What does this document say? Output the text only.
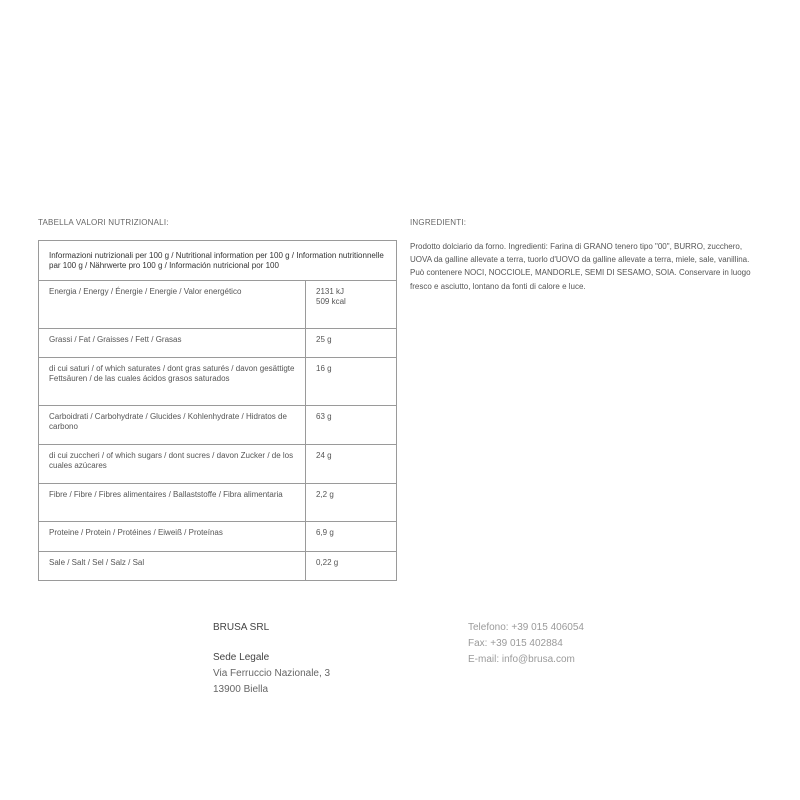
TABELLA VALORI NUTRIZIONALI:	INGREDIENTI:
Informazioni nutrizionali per 100 g / Nutritional information per 100 g / Information nutritionnelle par 100 g / Nährwerte pro 100 g / Información nutricional por 100	
Energia / Energy / Énergie / Energie / Valor energético	2131 kJ
509 kcal

Grassi / Fat / Graisses / Fett / Grasas	25 g
di cui saturi / of which saturates / dont gras saturés / davon gesättigte Fettsäuren / de las cuales ácidos grasos saturados	16 g
Carboidrati / Carbohydrate / Glucides / Kohlenhydrate / Hidratos de carbono	63 g
di cui zuccheri / of which sugars / dont sucres / davon Zucker / de los cuales azúcares	24 g
Fibre / Fibre / Fibres alimentaires / Ballaststoffe / Fibra alimentaria	2,2 g
Proteine / Protein / Protéines / Eiweiß / Proteínas	6,9 g
Sale / Salt / Sel / Salz / Sal	0,22 g
Prodotto dolciario da forno. Ingredienti: Farina di GRANO tenero tipo "00", BURRO, zucchero, UOVA da galline allevate a terra, tuorlo d'UOVO da galline allevate a terra, miele, sale, vanillina. Può contenere NOCI, NOCCIOLE, MANDORLE, SEMI DI SESAMO, SOIA. Conservare in luogo fresco e asciutto, lontano da fonti di calore e luce.
BRUSA SRL
Sede Legale
Via Ferruccio Nazionale, 3
13900 Biella
Telefono: +39 015 406054
Fax: +39 015 402884
E-mail: info@brusa.com
